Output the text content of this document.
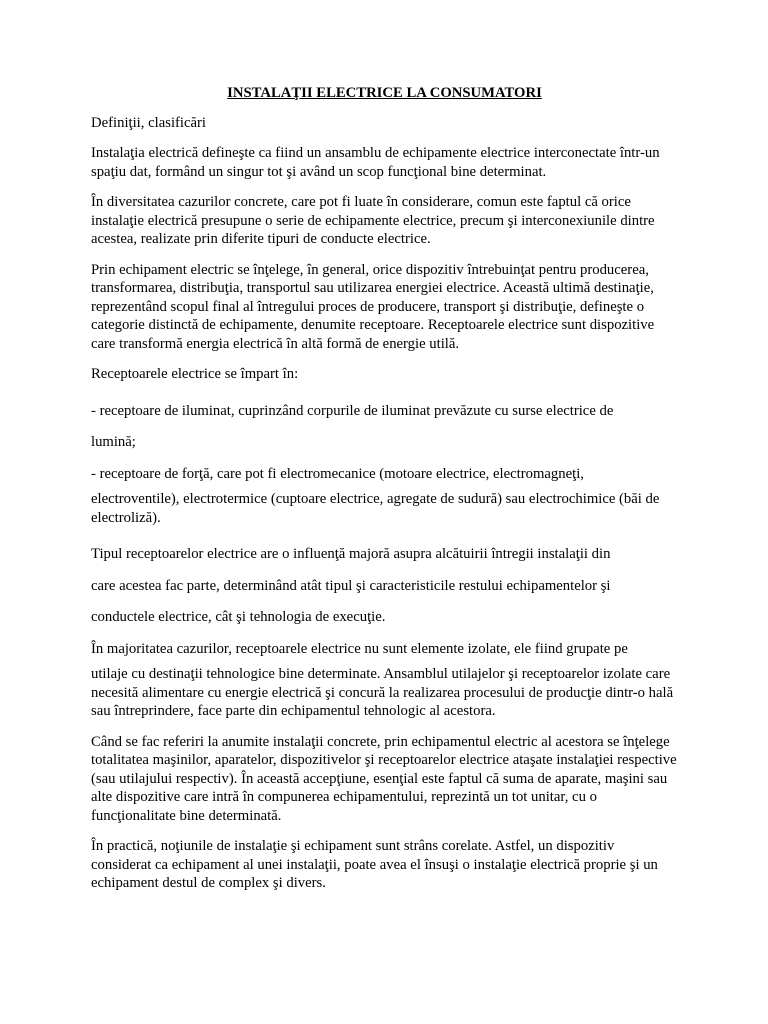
INSTALAŢII ELECTRICE LA CONSUMATORI
Definiţii, clasificări
Instalaţia electrică defineşte ca fiind un ansamblu de echipamente electrice interconectate într-un spaţiu dat, formând un singur tot şi având un scop funcţional bine determinat.
În diversitatea cazurilor concrete, care pot fi luate în considerare, comun este faptul că orice instalaţie electrică presupune o serie de echipamente electrice, precum şi interconexiunile dintre acestea, realizate prin diferite tipuri de conducte electrice.
Prin echipament electric se înţelege, în general, orice dispozitiv întrebuinţat pentru producerea, transformarea, distribuţia, transportul sau utilizarea energiei electrice. Această ultimă destinaţie, reprezentând scopul final al întregului proces de producere, transport şi distribuţie, defineşte o categorie distinctă de echipamente, denumite receptoare. Receptoarele electrice sunt dispozitive care transformă energia electrică în altă formă de energie utilă.
Receptoarele electrice se împart în:
- receptoare de iluminat, cuprinzând corpurile de iluminat prevăzute cu surse electrice de
lumină;
- receptoare de forţă, care pot fi electromecanice (motoare electrice, electromagneţi,
electroventile), electrotermice (cuptoare electrice, agregate de sudură) sau electrochimice (băi de electroliză).
Tipul receptoarelor electrice are o influenţă majoră asupra alcătuirii întregii instalaţii din
care acestea fac parte, determinând atât tipul şi caracteristicile restului echipamentelor şi
conductele electrice, cât şi tehnologia de execuţie.
În majoritatea cazurilor, receptoarele electrice nu sunt elemente izolate, ele fiind grupate pe
utilaje cu destinaţii tehnologice bine determinate. Ansamblul utilajelor şi receptoarelor izolate care necesită alimentare cu energie electrică şi concură la realizarea procesului de producţie dintr-o hală sau întreprindere, face parte din echipamentul tehnologic al acestora.
Când se fac referiri la anumite instalaţii concrete, prin echipamentul electric al acestora se înţelege totalitatea maşinilor, aparatelor, dispozitivelor şi receptoarelor electrice ataşate instalaţiei respective (sau utilajului respectiv). În această accepţiune, esenţial este faptul că suma de aparate, maşini sau alte dispozitive care intră în compunerea echipamentului, reprezintă un tot unitar, cu o funcţionalitate bine determinată.
În practică, noţiunile de instalaţie şi echipament sunt strâns corelate. Astfel, un dispozitiv considerat ca echipament al unei instalaţii, poate avea el însuşi o instalaţie electrică proprie şi un echipament destul de complex şi divers.
